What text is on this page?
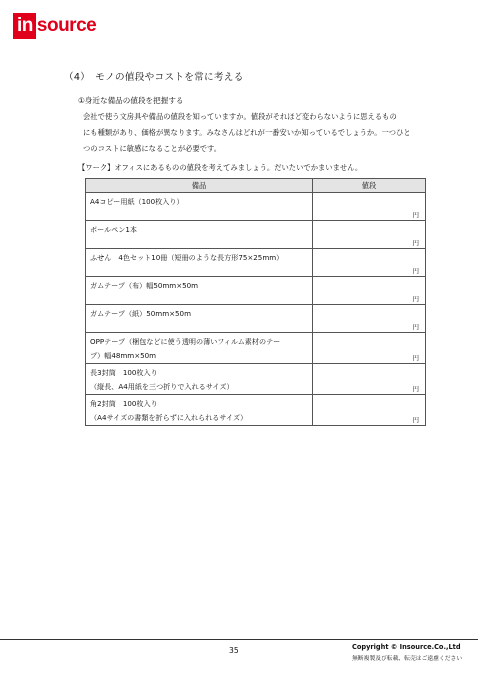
in source
（4）　モノの値段やコストを常に考える
①身近な備品の値段を把握する

会社で使う文房具や備品の値段を知っていますか。値段がそれほど変わらないように思えるもの

にも種類があり、価格が異なります。みなさんはどれが一番安いか知っているでしょうか。一つひと

つのコストに敏感になることが必要です。

【ワーク】オフィスにあるものの値段を考えてみましょう。だいたいでかまいません。
備品	値段

A4コピー用紙（100枚入り）	円

ボールペン1本	円

ふせん　4色セット10冊（短冊のような長方形75×25mm）	円

ガムテープ（布）幅50mm×50m	円

ガムテープ（紙）50mm×50m	円

OPPテープ（梱包などに使う透明の薄いフィルム素材のテー
プ）幅48mm×50m	円

長3封筒　100枚入り
（縦長、A4用紙を三つ折りで入れるサイズ）	円

角2封筒　100枚入り
（A4サイズの書類を折らずに入れられるサイズ）	円
35	Copyright © Insource.Co.,Ltd
無断複製及び転載、転売はご遠慮ください
